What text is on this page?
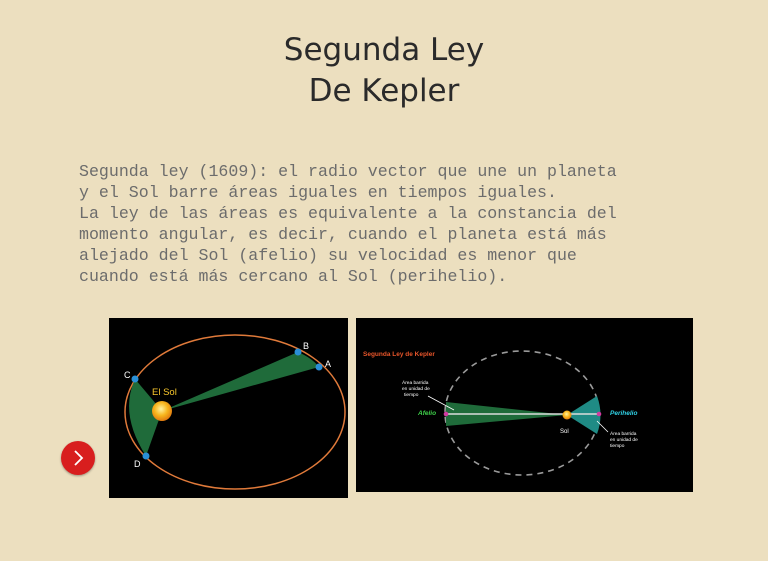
Segunda Ley
De Kepler
Segunda ley (1609): el radio vector que une un planeta
y el Sol barre áreas iguales en tiempos iguales.
La ley de las áreas es equivalente a la constancia del
momento angular, es decir, cuando el planeta está más
alejado del Sol (afelio) su velocidad es menor que
cuando está más cercano al Sol (perihelio).
A
B
C
D
El Sol
Segunda Ley de Kepler
Afelio	Perihelio
Sol
Área barrida
en unidad de
tiempo
Área barrida
en unidad de
tiempo
